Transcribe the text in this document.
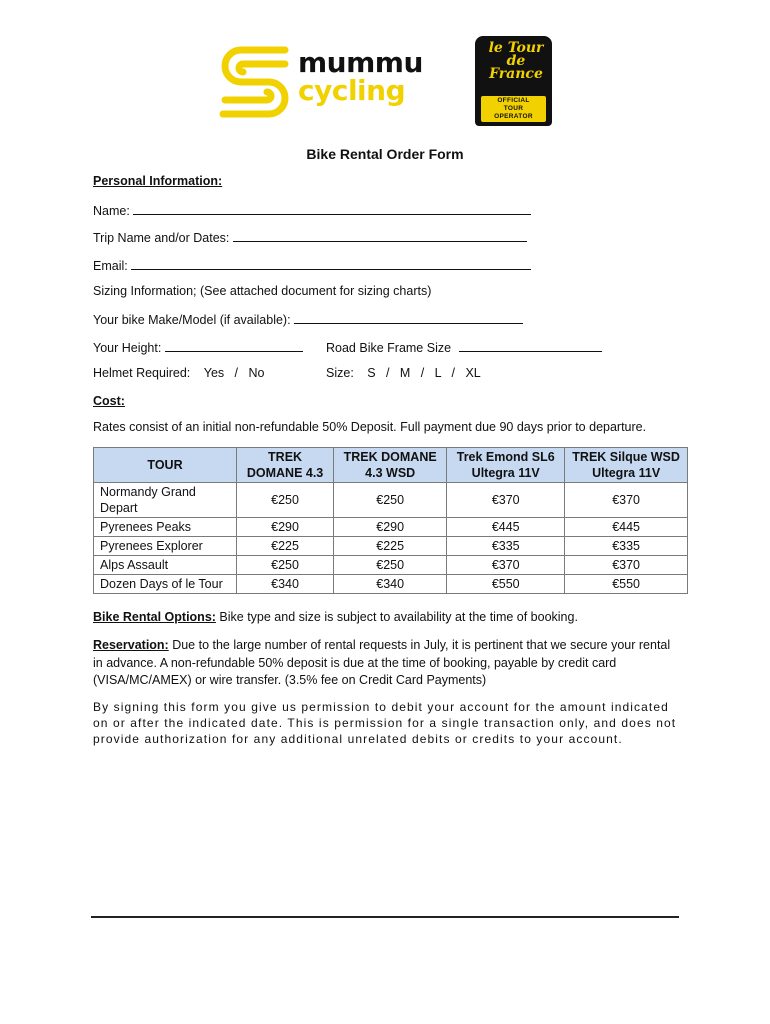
mummu
cycling
le Tour de France
OFFICIAL
TOUR
OPERATOR
Bike Rental Order Form
Personal Information:
Name:
Trip Name and/or Dates:
Email:
Sizing Information; (See attached document for sizing charts)
Your bike Make/Model (if available):
Your Height:	Road Bike Frame Size
Helmet Required: Yes   /   No	Size: S   /   M   /   L   /   XL
Cost:
Rates consist of an initial non-refundable 50% Deposit. Full payment due 90 days prior to departure.
TOUR	TREK DOMANE 4.3	TREK DOMANE 4.3 WSD	Trek Emond SL6 Ultegra 11V	TREK Silque WSD Ultegra 11V
Normandy Grand Depart	€250	€250	€370	€370
Pyrenees Peaks	€290	€290	€445	€445
Pyrenees Explorer	€225	€225	€335	€335
Alps Assault	€250	€250	€370	€370
Dozen Days of le Tour	€340	€340	€550	€550
Bike Rental Options: Bike type and size is subject to availability at the time of booking.
Reservation: Due to the large number of rental requests in July, it is pertinent that we secure your rental in advance. A non-refundable 50% deposit is due at the time of booking, payable by credit card (VISA/MC/AMEX) or wire transfer. (3.5% fee on Credit Card Payments)
By signing this form you give us permission to debit your account for the amount indicated on or after the indicated date. This is permission for a single transaction only, and does not provide authorization for any additional unrelated debits or credits to your account.
